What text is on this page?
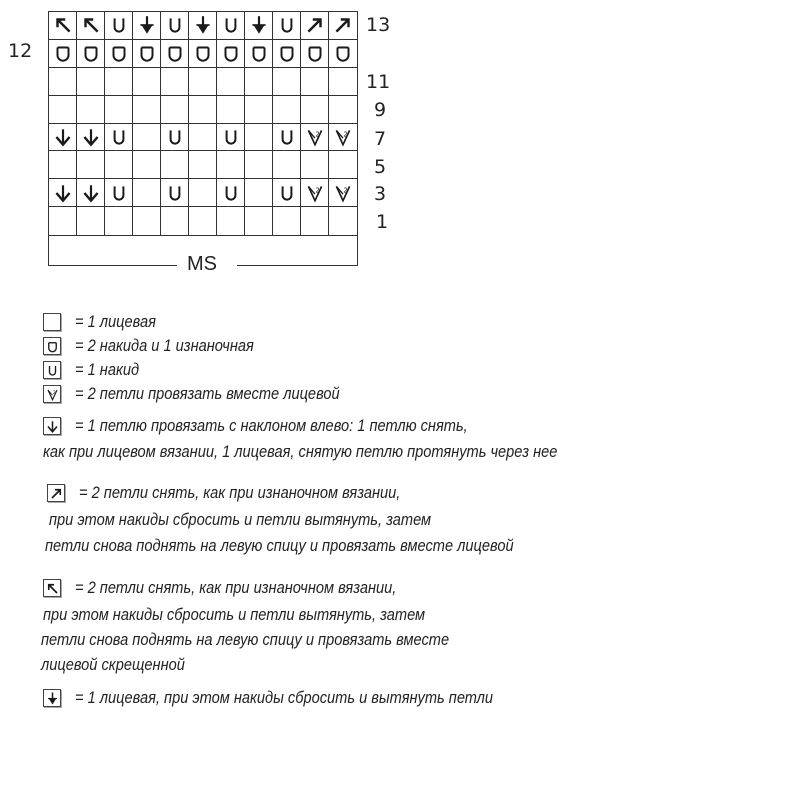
2	2
2	2
MS
13
12
11
9
7
5
3
1
= 1 лицевая
= 2 накида и 1 изнаночная
= 1 накид
2 = 2 петли провязать вместе лицевой
= 1 петлю провязать с наклоном влево: 1 петлю снять,
как при лицевом вязании, 1 лицевая, снятую петлю протянуть через нее
= 2 петли снять, как при изнаночном вязании,
при этом накиды сбросить и петли вытянуть, затем
петли снова поднять на левую спицу и провязать вместе лицевой
= 2 петли снять, как при изнаночном вязании,
при этом накиды сбросить и петли вытянуть, затем
петли снова поднять на левую спицу и провязать вместе
лицевой скрещенной
= 1 лицевая, при этом накиды сбросить и вытянуть петли
